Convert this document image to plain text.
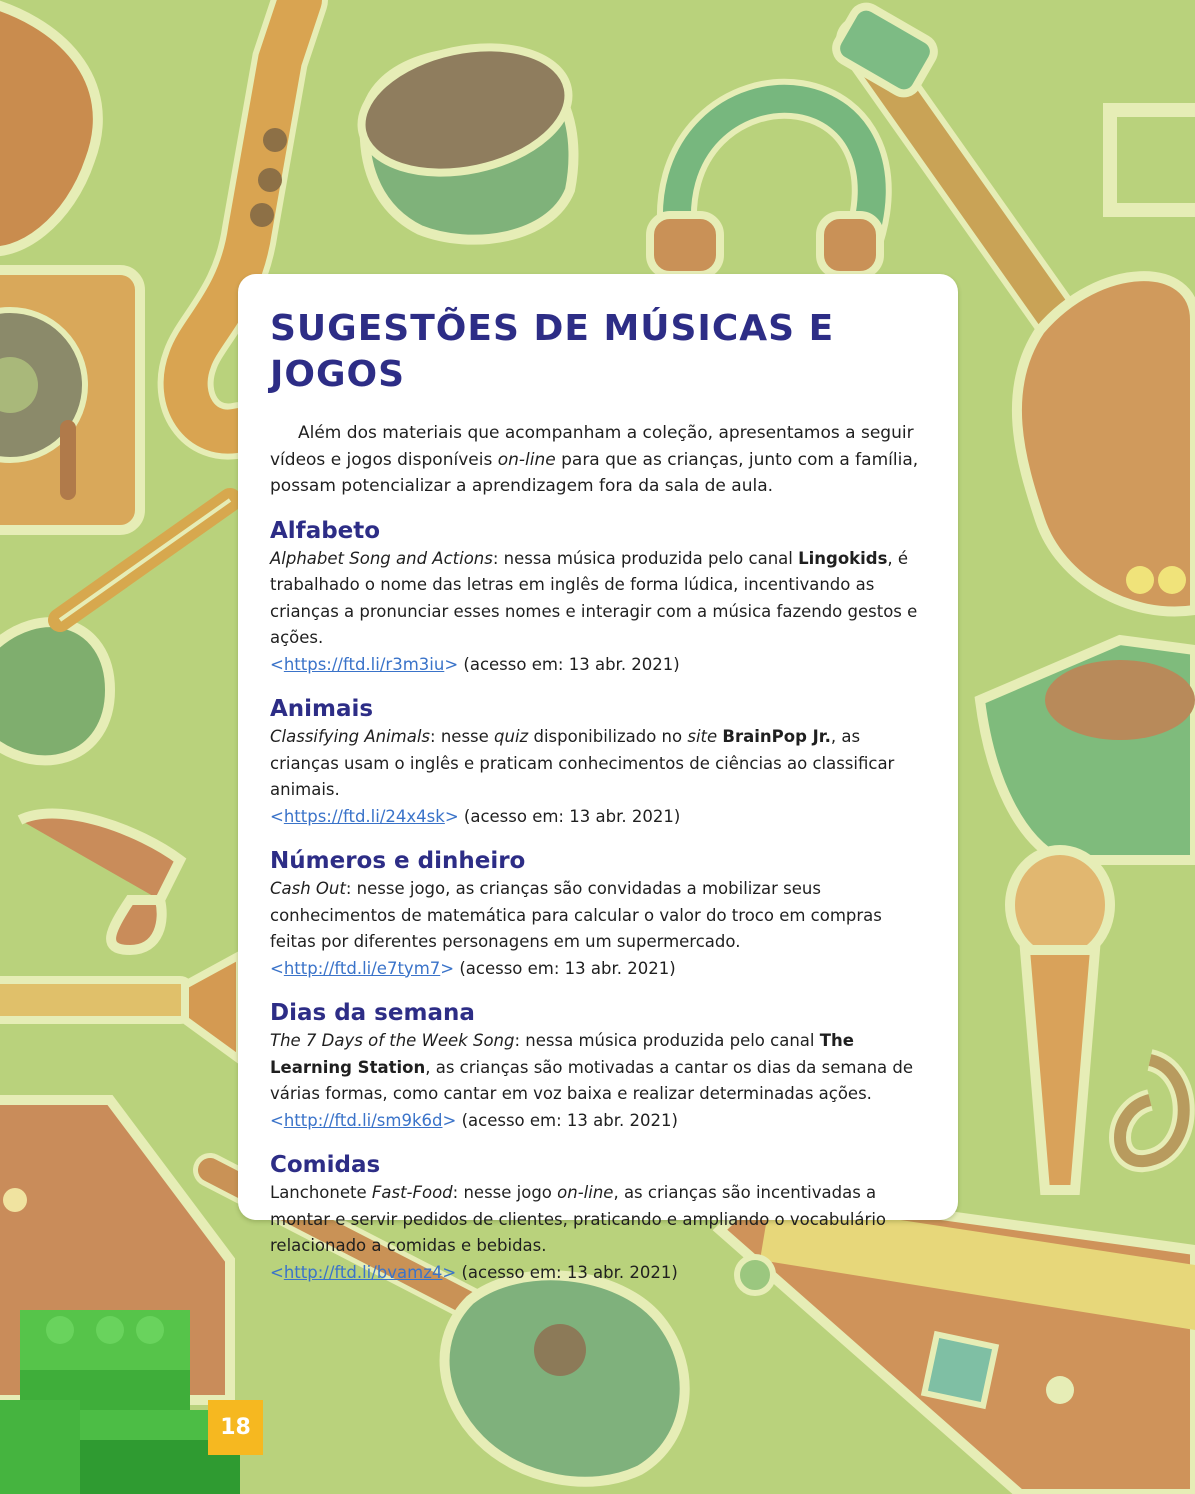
SUGESTÕES DE MÚSICAS E JOGOS

Além dos materiais que acompanham a coleção, apresentamos a seguir vídeos e jogos disponíveis on-line para que as crianças, junto com a família, possam potencializar a aprendizagem fora da sala de aula.

Alfabeto

Alphabet Song and Actions: nessa música produzida pelo canal Lingokids, é trabalhado o nome das letras em inglês de forma lúdica, incentivando as crianças a pronunciar esses nomes e interagir com a música fazendo gestos e ações.

<https://ftd.li/r3m3iu> (acesso em: 13 abr. 2021)

Animais

Classifying Animals: nesse quiz disponibilizado no site BrainPop Jr., as crianças usam o inglês e praticam conhecimentos de ciências ao classificar animais.

<https://ftd.li/24x4sk> (acesso em: 13 abr. 2021)

Números e dinheiro

Cash Out: nesse jogo, as crianças são convidadas a mobilizar seus conhecimentos de matemática para calcular o valor do troco em compras feitas por diferentes personagens em um supermercado.

<http://ftd.li/e7tym7> (acesso em: 13 abr. 2021)

Dias da semana

The 7 Days of the Week Song: nessa música produzida pelo canal The Learning Station, as crianças são motivadas a cantar os dias da semana de várias formas, como cantar em voz baixa e realizar determinadas ações.

<http://ftd.li/sm9k6d> (acesso em: 13 abr. 2021)

Comidas

Lanchonete Fast-Food: nesse jogo on-line, as crianças são incentivadas a montar e servir pedidos de clientes, praticando e ampliando o vocabulário relacionado a comidas e bebidas.

<http://ftd.li/bvamz4> (acesso em: 13 abr. 2021)

18
